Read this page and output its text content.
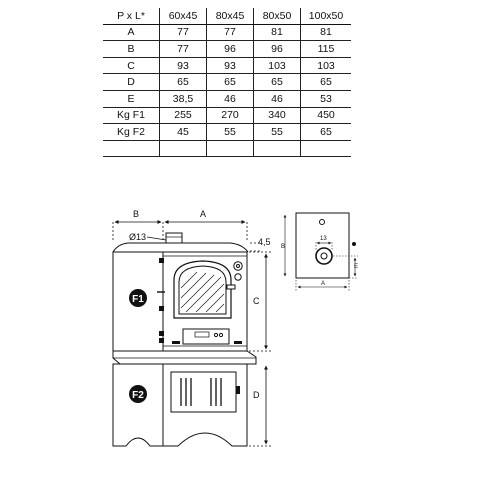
P x L*	60x45	80x45	80x50	100x50
A	77	77	81	81
B	77	96	96	115
C	93	93	103	103
D	65	65	65	65
E	38,5	46	46	53
Kg F1	255	270	340	450
Kg F2	45	55	55	65

F1
F2
B	A
Ø13	4,5
C
D
B
13
E
A
